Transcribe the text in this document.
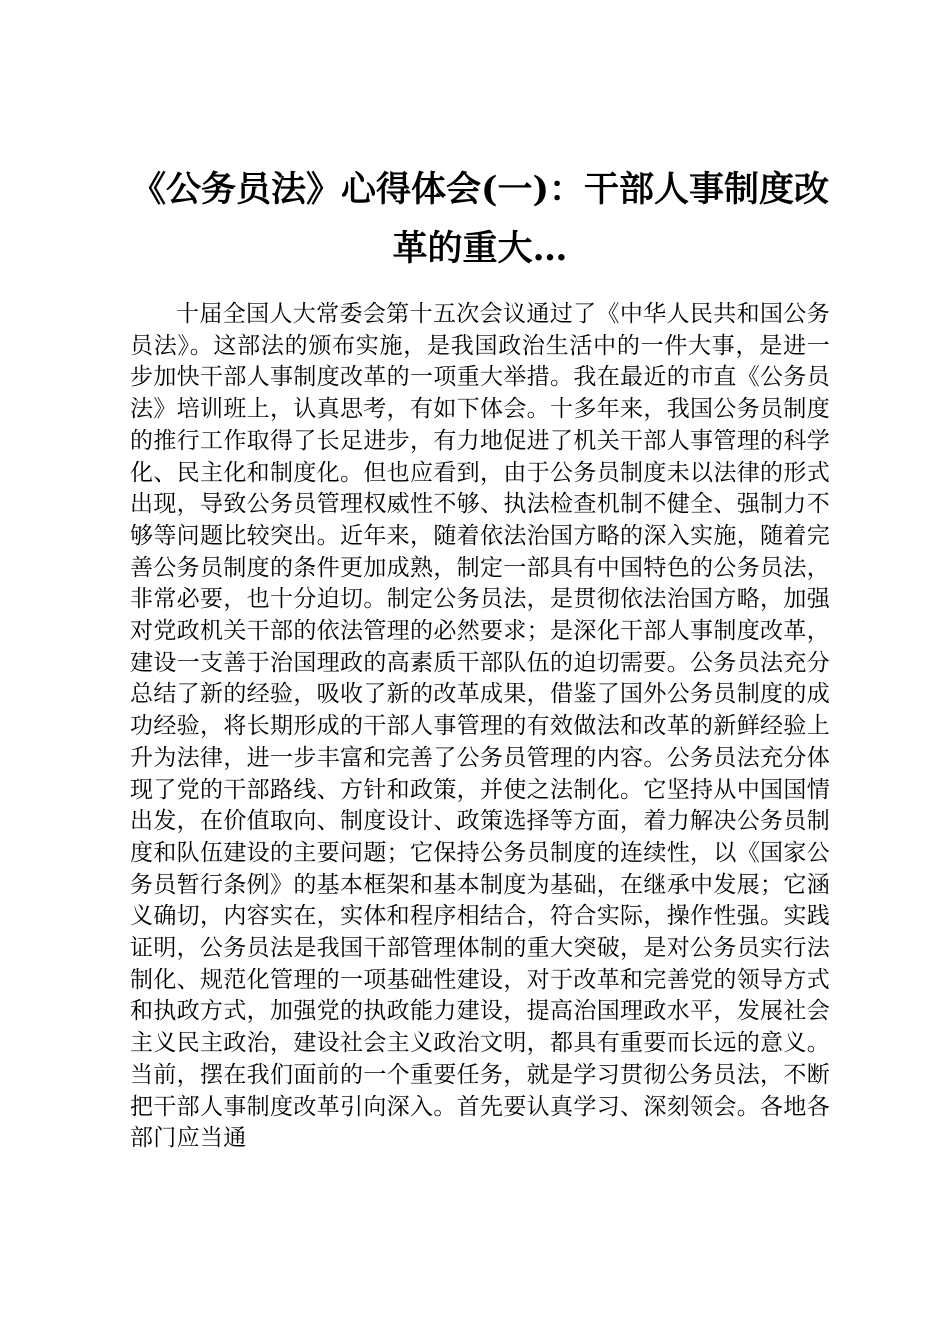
《公务员法》心得体会(一)：干部人事制度改革的重大…

十届全国人大常委会第十五次会议通过了《中华人民共和国公务员法》。这部法的颁布实施，是我国政治生活中的一件大事，是进一步加快干部人事制度改革的一项重大举措。我在最近的市直《公务员法》培训班上，认真思考，有如下体会。十多年来，我国公务员制度的推行工作取得了长足进步，有力地促进了机关干部人事管理的科学化、民主化和制度化。但也应看到，由于公务员制度未以法律的形式出现，导致公务员管理权威性不够、执法检查机制不健全、强制力不够等问题比较突出。近年来，随着依法治国方略的深入实施，随着完善公务员制度的条件更加成熟，制定一部具有中国特色的公务员法，非常必要，也十分迫切。制定公务员法，是贯彻依法治国方略，加强对党政机关干部的依法管理的必然要求；是深化干部人事制度改革，建设一支善于治国理政的高素质干部队伍的迫切需要。公务员法充分总结了新的经验，吸收了新的改革成果，借鉴了国外公务员制度的成功经验，将长期形成的干部人事管理的有效做法和改革的新鲜经验上升为法律，进一步丰富和完善了公务员管理的内容。公务员法充分体现了党的干部路线、方针和政策，并使之法制化。它坚持从中国国情出发，在价值取向、制度设计、政策选择等方面，着力解决公务员制度和队伍建设的主要问题；它保持公务员制度的连续性，以《国家公务员暂行条例》的基本框架和基本制度为基础，在继承中发展；它涵义确切，内容实在，实体和程序相结合，符合实际，操作性强。实践证明，公务员法是我国干部管理体制的重大突破，是对公务员实行法制化、规范化管理的一项基础性建设，对于改革和完善党的领导方式和执政方式，加强党的执政能力建设，提高治国理政水平，发展社会主义民主政治，建设社会主义政治文明，都具有重要而长远的意义。当前，摆在我们面前的一个重要任务，就是学习贯彻公务员法，不断把干部人事制度改革引向深入。首先要认真学习、深刻领会。各地各部门应当通
